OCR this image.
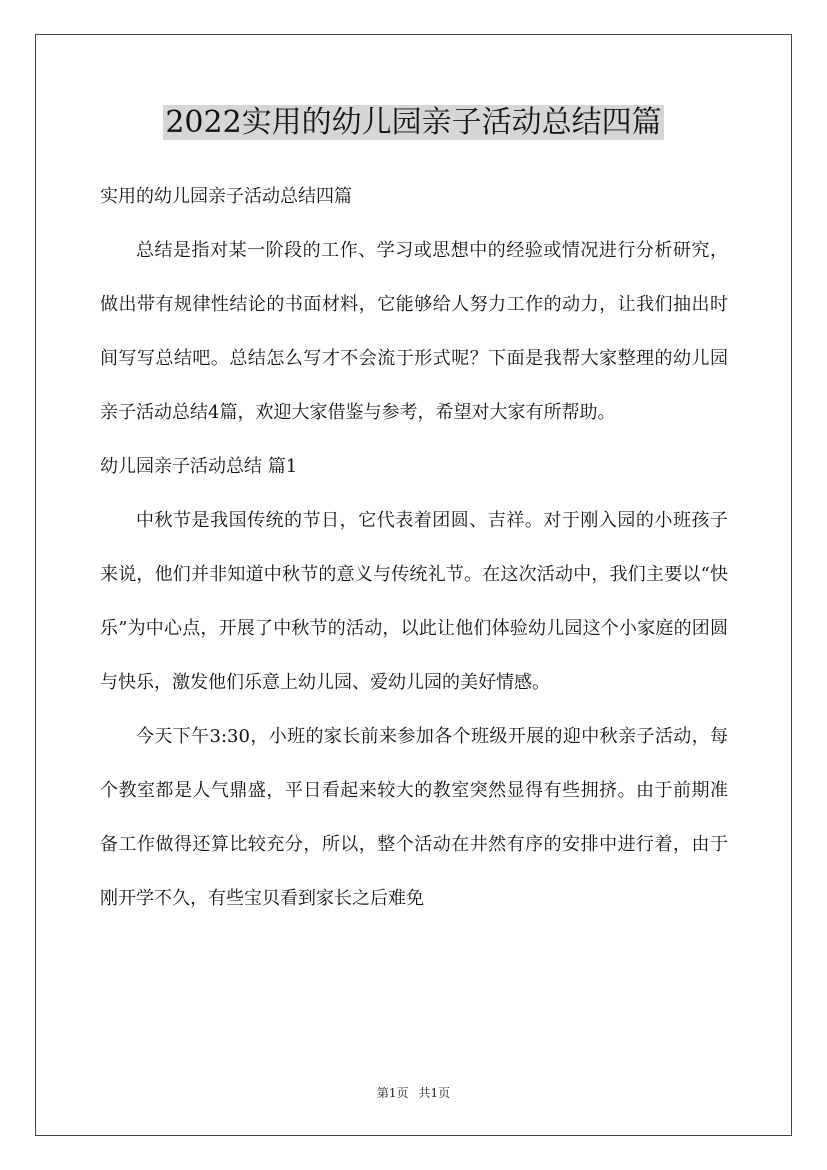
2022实用的幼儿园亲子活动总结四篇

实用的幼儿园亲子活动总结四篇

总结是指对某一阶段的工作、学习或思想中的经验或情况进行分析研究，做出带有规律性结论的书面材料，它能够给人努力工作的动力，让我们抽出时间写写总结吧。总结怎么写才不会流于形式呢？下面是我帮大家整理的幼儿园亲子活动总结4篇，欢迎大家借鉴与参考，希望对大家有所帮助。

幼儿园亲子活动总结 篇1

中秋节是我国传统的节日，它代表着团圆、吉祥。对于刚入园的小班孩子来说，他们并非知道中秋节的意义与传统礼节。在这次活动中，我们主要以“快乐”为中心点，开展了中秋节的活动，以此让他们体验幼儿园这个小家庭的团圆与快乐，激发他们乐意上幼儿园、爱幼儿园的美好情感。

今天下午3:30，小班的家长前来参加各个班级开展的迎中秋亲子活动，每个教室都是人气鼎盛，平日看起来较大的教室突然显得有些拥挤。由于前期准备工作做得还算比较充分，所以，整个活动在井然有序的安排中进行着，由于刚开学不久，有些宝贝看到家长之后难免

第1页 共1页
